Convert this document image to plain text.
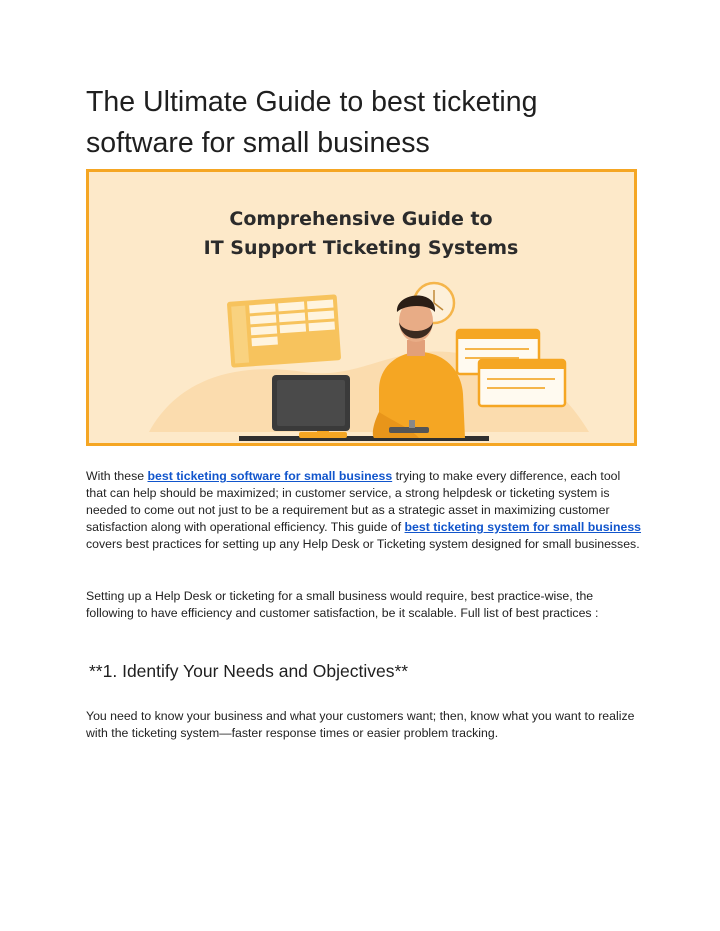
The Ultimate Guide to best ticketing software for small business
Comprehensive Guide to
IT Support Ticketing Systems

With these best ticketing software for small business trying to make every difference, each tool that can help should be maximized; in customer service, a strong helpdesk or ticketing system is needed to come out not just to be a requirement but as a strategic asset in maximizing customer satisfaction along with operational efficiency. This guide of best ticketing system for small business covers best practices for setting up any Help Desk or Ticketing system designed for small businesses.

Setting up a Help Desk or ticketing for a small business would require, best practice-wise, the following to have efficiency and customer satisfaction, be it scalable. Full list of best practices :

**1. Identify Your Needs and Objectives**

You need to know your business and what your customers want; then, know what you want to realize with the ticketing system—faster response times or easier problem tracking.
